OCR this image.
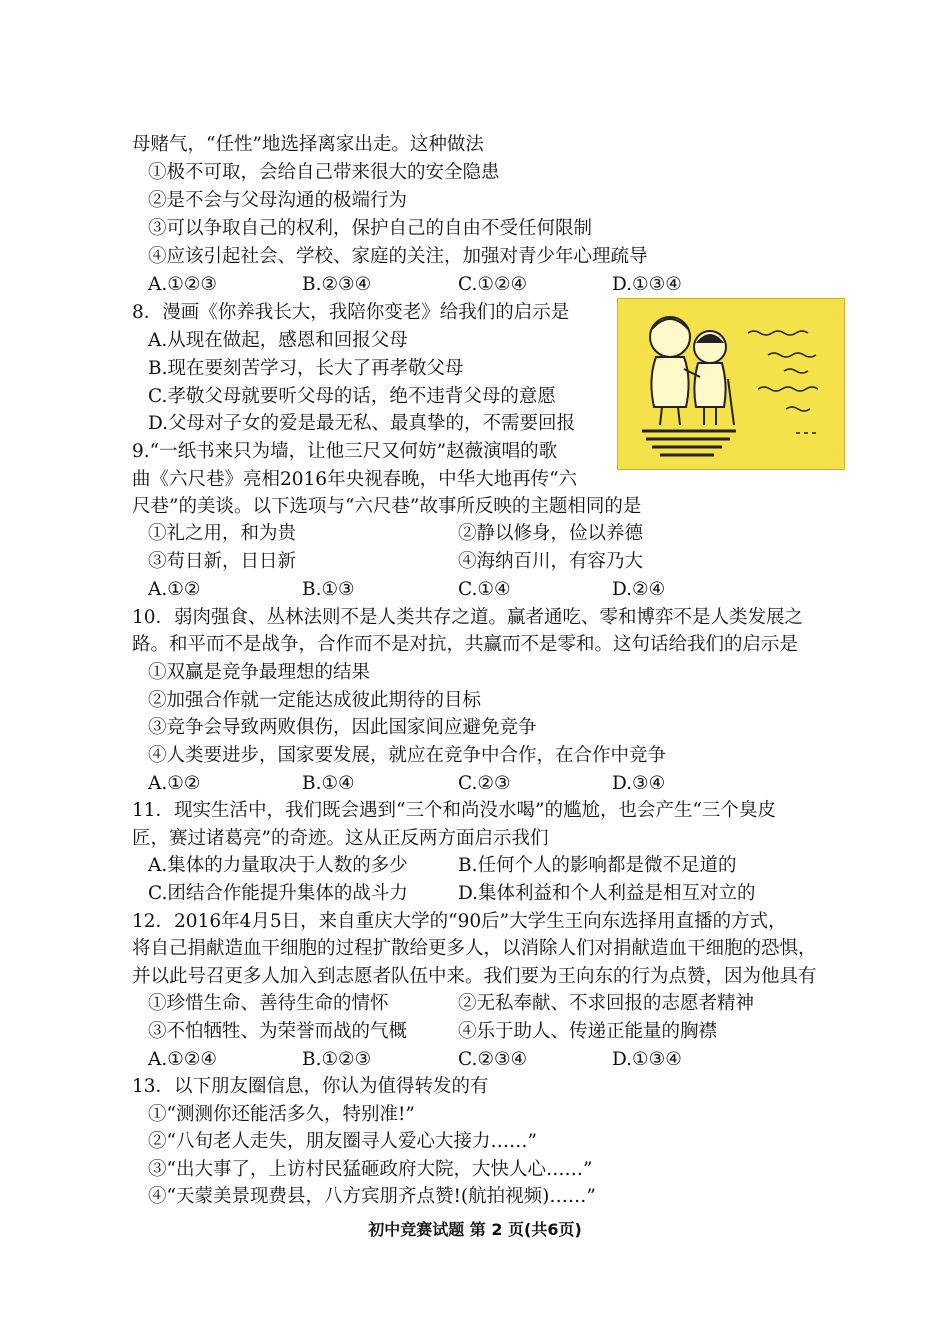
母赌气，“任性”地选择离家出走。这种做法
①极不可取，会给自己带来很大的安全隐患
②是不会与父母沟通的极端行为
③可以争取自己的权利，保护自己的自由不受任何限制
④应该引起社会、学校、家庭的关注，加强对青少年心理疏导
A.①②③	B.②③④	C.①②④	D.①③④
8．漫画《你养我长大，我陪你变老》给我们的启示是
A.从现在做起，感恩和回报父母
B.现在要刻苦学习，长大了再孝敬父母
C.孝敬父母就要听父母的话，绝不违背父母的意愿
D.父母对子女的爱是最无私、最真挚的，不需要回报
9.“一纸书来只为墙，让他三尺又何妨”赵薇演唱的歌
曲《六尺巷》亮相2016年央视春晚，中华大地再传“六
尺巷”的美谈。以下选项与“六尺巷”故事所反映的主题相同的是
①礼之用，和为贵	②静以修身，俭以养德
③苟日新，日日新	④海纳百川，有容乃大
A.①②	B.①③	C.①④	D.②④
10．弱肉强食、丛林法则不是人类共存之道。赢者通吃、零和博弈不是人类发展之
路。和平而不是战争，合作而不是对抗，共赢而不是零和。这句话给我们的启示是
①双赢是竞争最理想的结果
②加强合作就一定能达成彼此期待的目标
③竞争会导致两败俱伤，因此国家间应避免竞争
④人类要进步，国家要发展，就应在竞争中合作，在合作中竞争
A.①②	B.①④	C.②③	D.③④
11．现实生活中，我们既会遇到“三个和尚没水喝”的尴尬，也会产生“三个臭皮
匠，赛过诸葛亮”的奇迹。这从正反两方面启示我们
A.集体的力量取决于人数的多少	B.任何个人的影响都是微不足道的
C.团结合作能提升集体的战斗力	D.集体利益和个人利益是相互对立的
12．2016年4月5日，来自重庆大学的“90后”大学生王向东选择用直播的方式，
将自己捐献造血干细胞的过程扩散给更多人，以消除人们对捐献造血干细胞的恐惧，
并以此号召更多人加入到志愿者队伍中来。我们要为王向东的行为点赞，因为他具有
①珍惜生命、善待生命的情怀	②无私奉献、不求回报的志愿者精神
③不怕牺牲、为荣誉而战的气概	④乐于助人、传递正能量的胸襟
A.①②④	B.①②③	C.②③④	D.①③④
13．以下朋友圈信息，你认为值得转发的有
①“测测你还能活多久，特别准!”
②“八旬老人走失，朋友圈寻人爱心大接力……”
③“出大事了，上访村民猛砸政府大院，大快人心……”
④“天蒙美景现费县，八方宾朋齐点赞!(航拍视频)……”
初中竞赛试题 第 2 页(共6页)
